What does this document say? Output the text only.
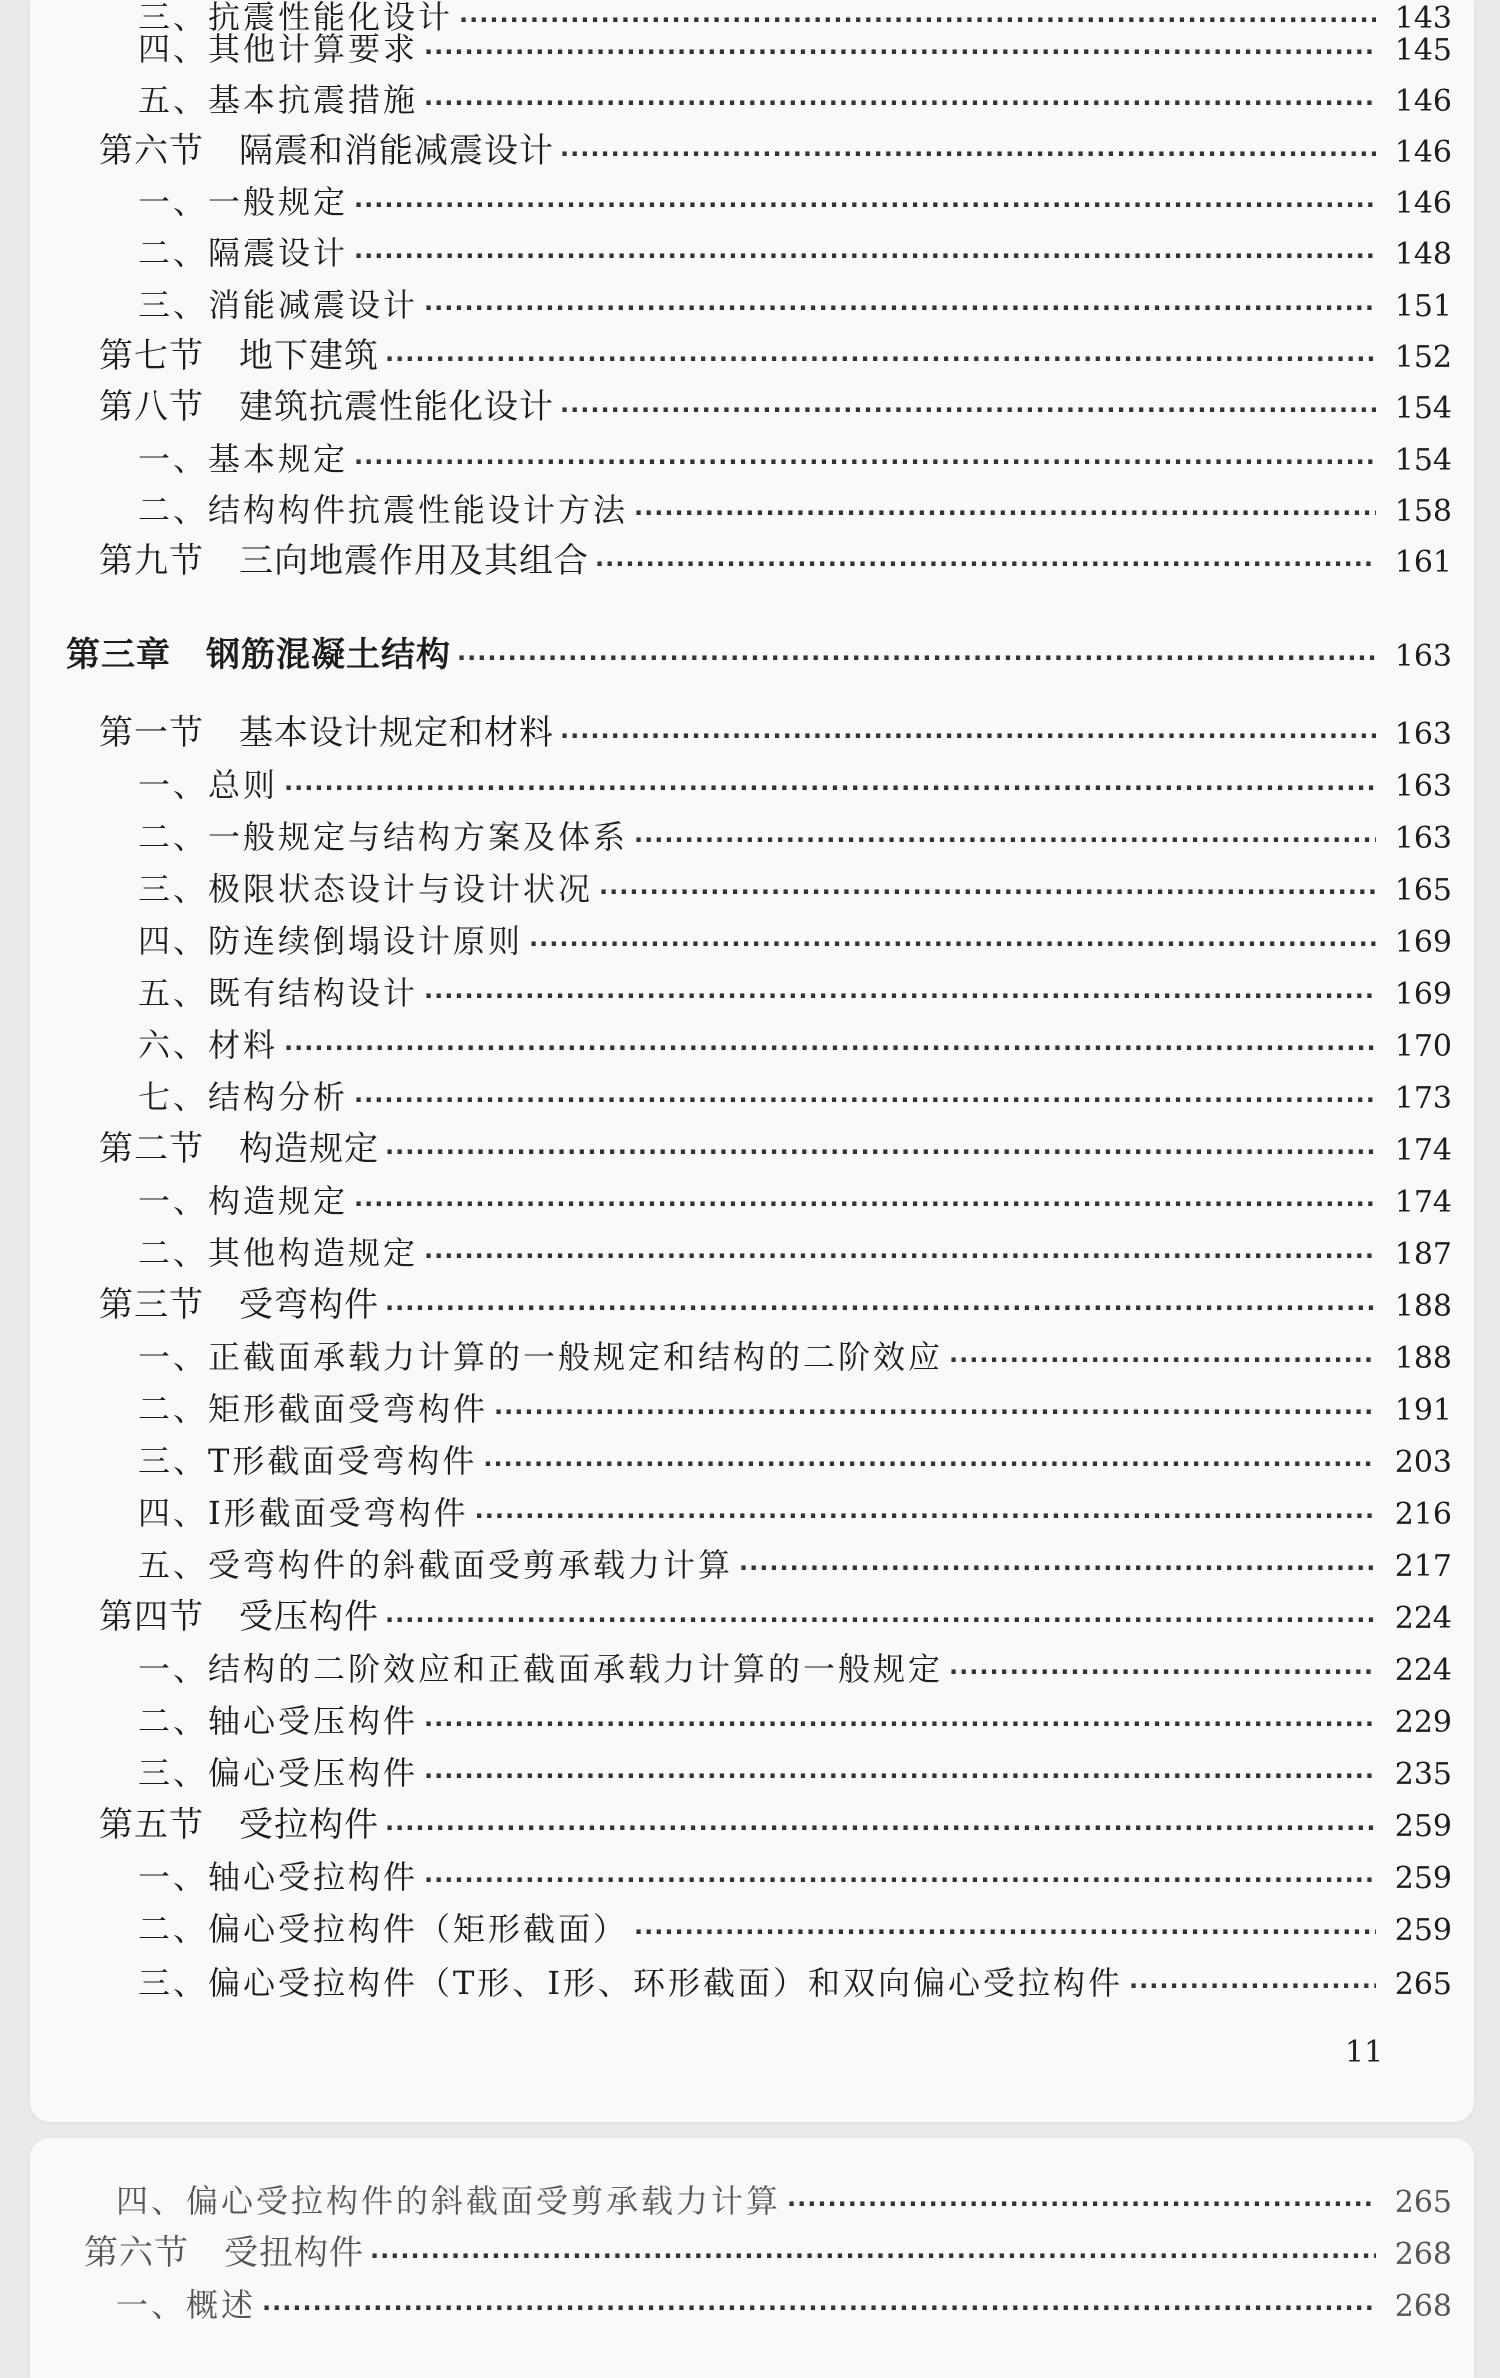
三、抗震性能化设计 ·····	143
四、其他计算要求 ·····	145
五、基本抗震措施 ·····	146
第六节　隔震和消能减震设计 ·····	146
一、一般规定 ·····	146
二、隔震设计 ·····	148
三、消能减震设计 ·····	151
第七节　地下建筑 ·····	152
第八节　建筑抗震性能化设计 ·····	154
一、基本规定 ·····	154
二、结构构件抗震性能设计方法 ·····	158
第九节　三向地震作用及其组合 ·····	161
第三章　钢筋混凝土结构 ·····	163
第一节　基本设计规定和材料 ·····	163
一、总则 ·····	163
二、一般规定与结构方案及体系 ·····	163
三、极限状态设计与设计状况 ·····	165
四、防连续倒塌设计原则 ·····	169
五、既有结构设计 ·····	169
六、材料 ·····	170
七、结构分析 ·····	173
第二节　构造规定 ·····	174
一、构造规定 ·····	174
二、其他构造规定 ·····	187
第三节　受弯构件 ·····	188
一、正截面承载力计算的一般规定和结构的二阶效应 ·····	188
二、矩形截面受弯构件 ·····	191
三、T形截面受弯构件 ·····	203
四、I形截面受弯构件 ·····	216
五、受弯构件的斜截面受剪承载力计算 ·····	217
第四节　受压构件 ·····	224
一、结构的二阶效应和正截面承载力计算的一般规定 ·····	224
二、轴心受压构件 ·····	229
三、偏心受压构件 ·····	235
第五节　受拉构件 ·····	259
一、轴心受拉构件 ·····	259
二、偏心受拉构件（矩形截面） ·····	259
三、偏心受拉构件（T形、I形、环形截面）和双向偏心受拉构件 ·····	265
11
四、偏心受拉构件的斜截面受剪承载力计算 ·····	265
第六节　受扭构件 ·····	268
一、概述 ·····	268
